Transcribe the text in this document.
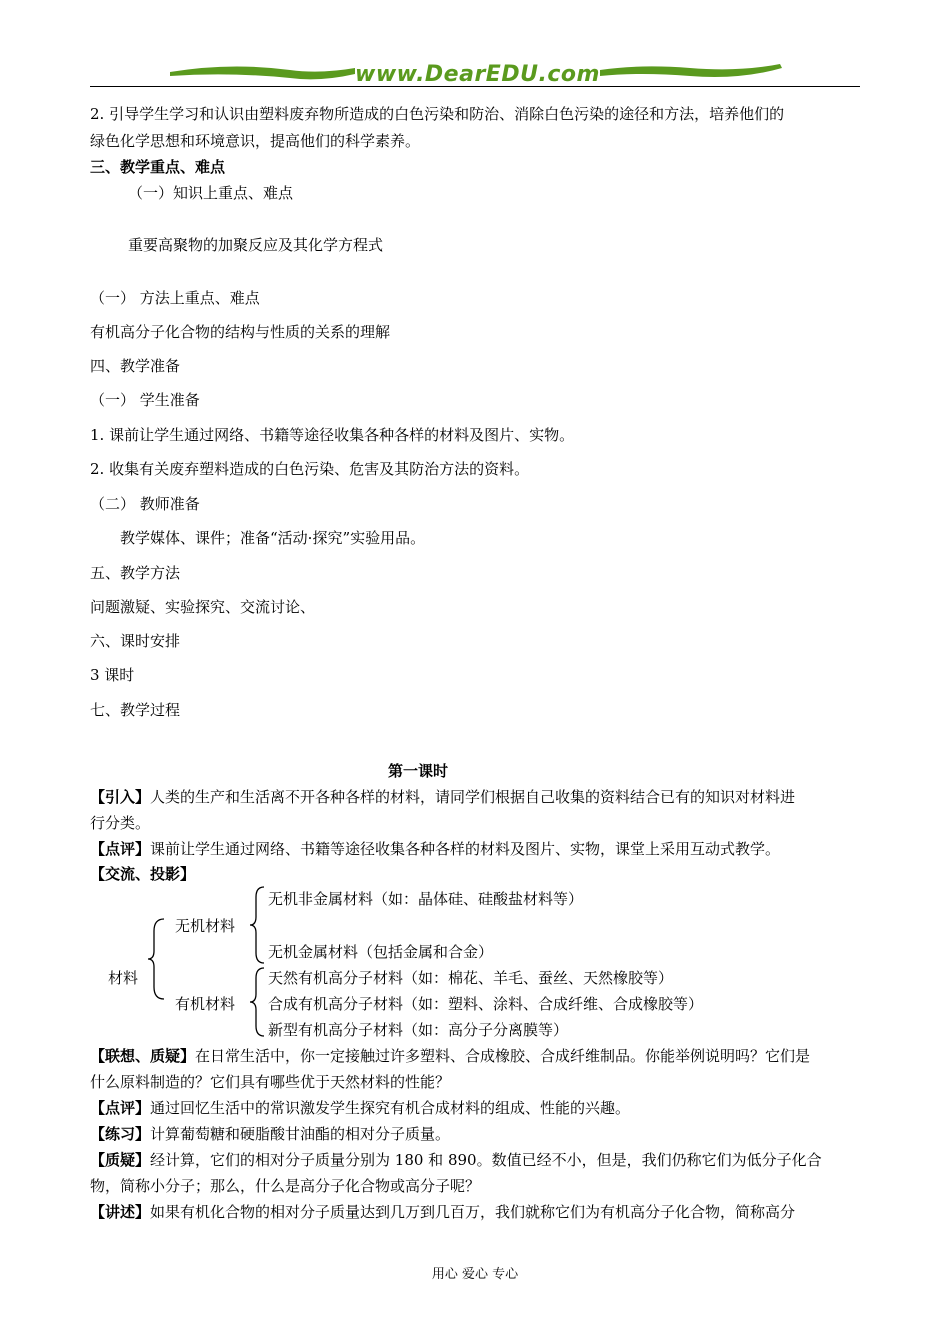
www.DearEDU.com
2. 引导学生学习和认识由塑料废弃物所造成的白色污染和防治、消除白色污染的途径和方法，培养他们的
绿色化学思想和环境意识，提高他们的科学素养。
三、教学重点、难点
（一）知识上重点、难点
重要高聚物的加聚反应及其化学方程式
（一） 方法上重点、难点
有机高分子化合物的结构与性质的关系的理解
四、教学准备
（一） 学生准备
1. 课前让学生通过网络、书籍等途径收集各种各样的材料及图片、实物。
2. 收集有关废弃塑料造成的白色污染、危害及其防治方法的资料。
（二） 教师准备
教学媒体、课件；准备“活动·探究”实验用品。
五、教学方法
问题激疑、实验探究、交流讨论、
六、课时安排
3 课时
七、教学过程
第一课时
【引入】人类的生产和生活离不开各种各样的材料，请同学们根据自己收集的资料结合已有的知识对材料进
行分类。
【点评】课前让学生通过网络、书籍等途径收集各种各样的材料及图片、实物，课堂上采用互动式教学。
【交流、投影】
材料
无机材料
有机材料
无机非金属材料（如：晶体硅、硅酸盐材料等）
无机金属材料（包括金属和合金）
天然有机高分子材料（如：棉花、羊毛、蚕丝、天然橡胶等）
合成有机高分子材料（如：塑料、涂料、合成纤维、合成橡胶等）
新型有机高分子材料（如：高分子分离膜等）
【联想、质疑】在日常生活中，你一定接触过许多塑料、合成橡胶、合成纤维制品。你能举例说明吗？它们是
什么原料制造的？它们具有哪些优于天然材料的性能？
【点评】通过回忆生活中的常识激发学生探究有机合成材料的组成、性能的兴趣。
【练习】计算葡萄糖和硬脂酸甘油酯的相对分子质量。
【质疑】经计算，它们的相对分子质量分别为 180 和 890。数值已经不小，但是，我们仍称它们为低分子化合
物，简称小分子；那么，什么是高分子化合物或高分子呢？
【讲述】如果有机化合物的相对分子质量达到几万到几百万，我们就称它们为有机高分子化合物，简称高分
用心 爱心 专心
